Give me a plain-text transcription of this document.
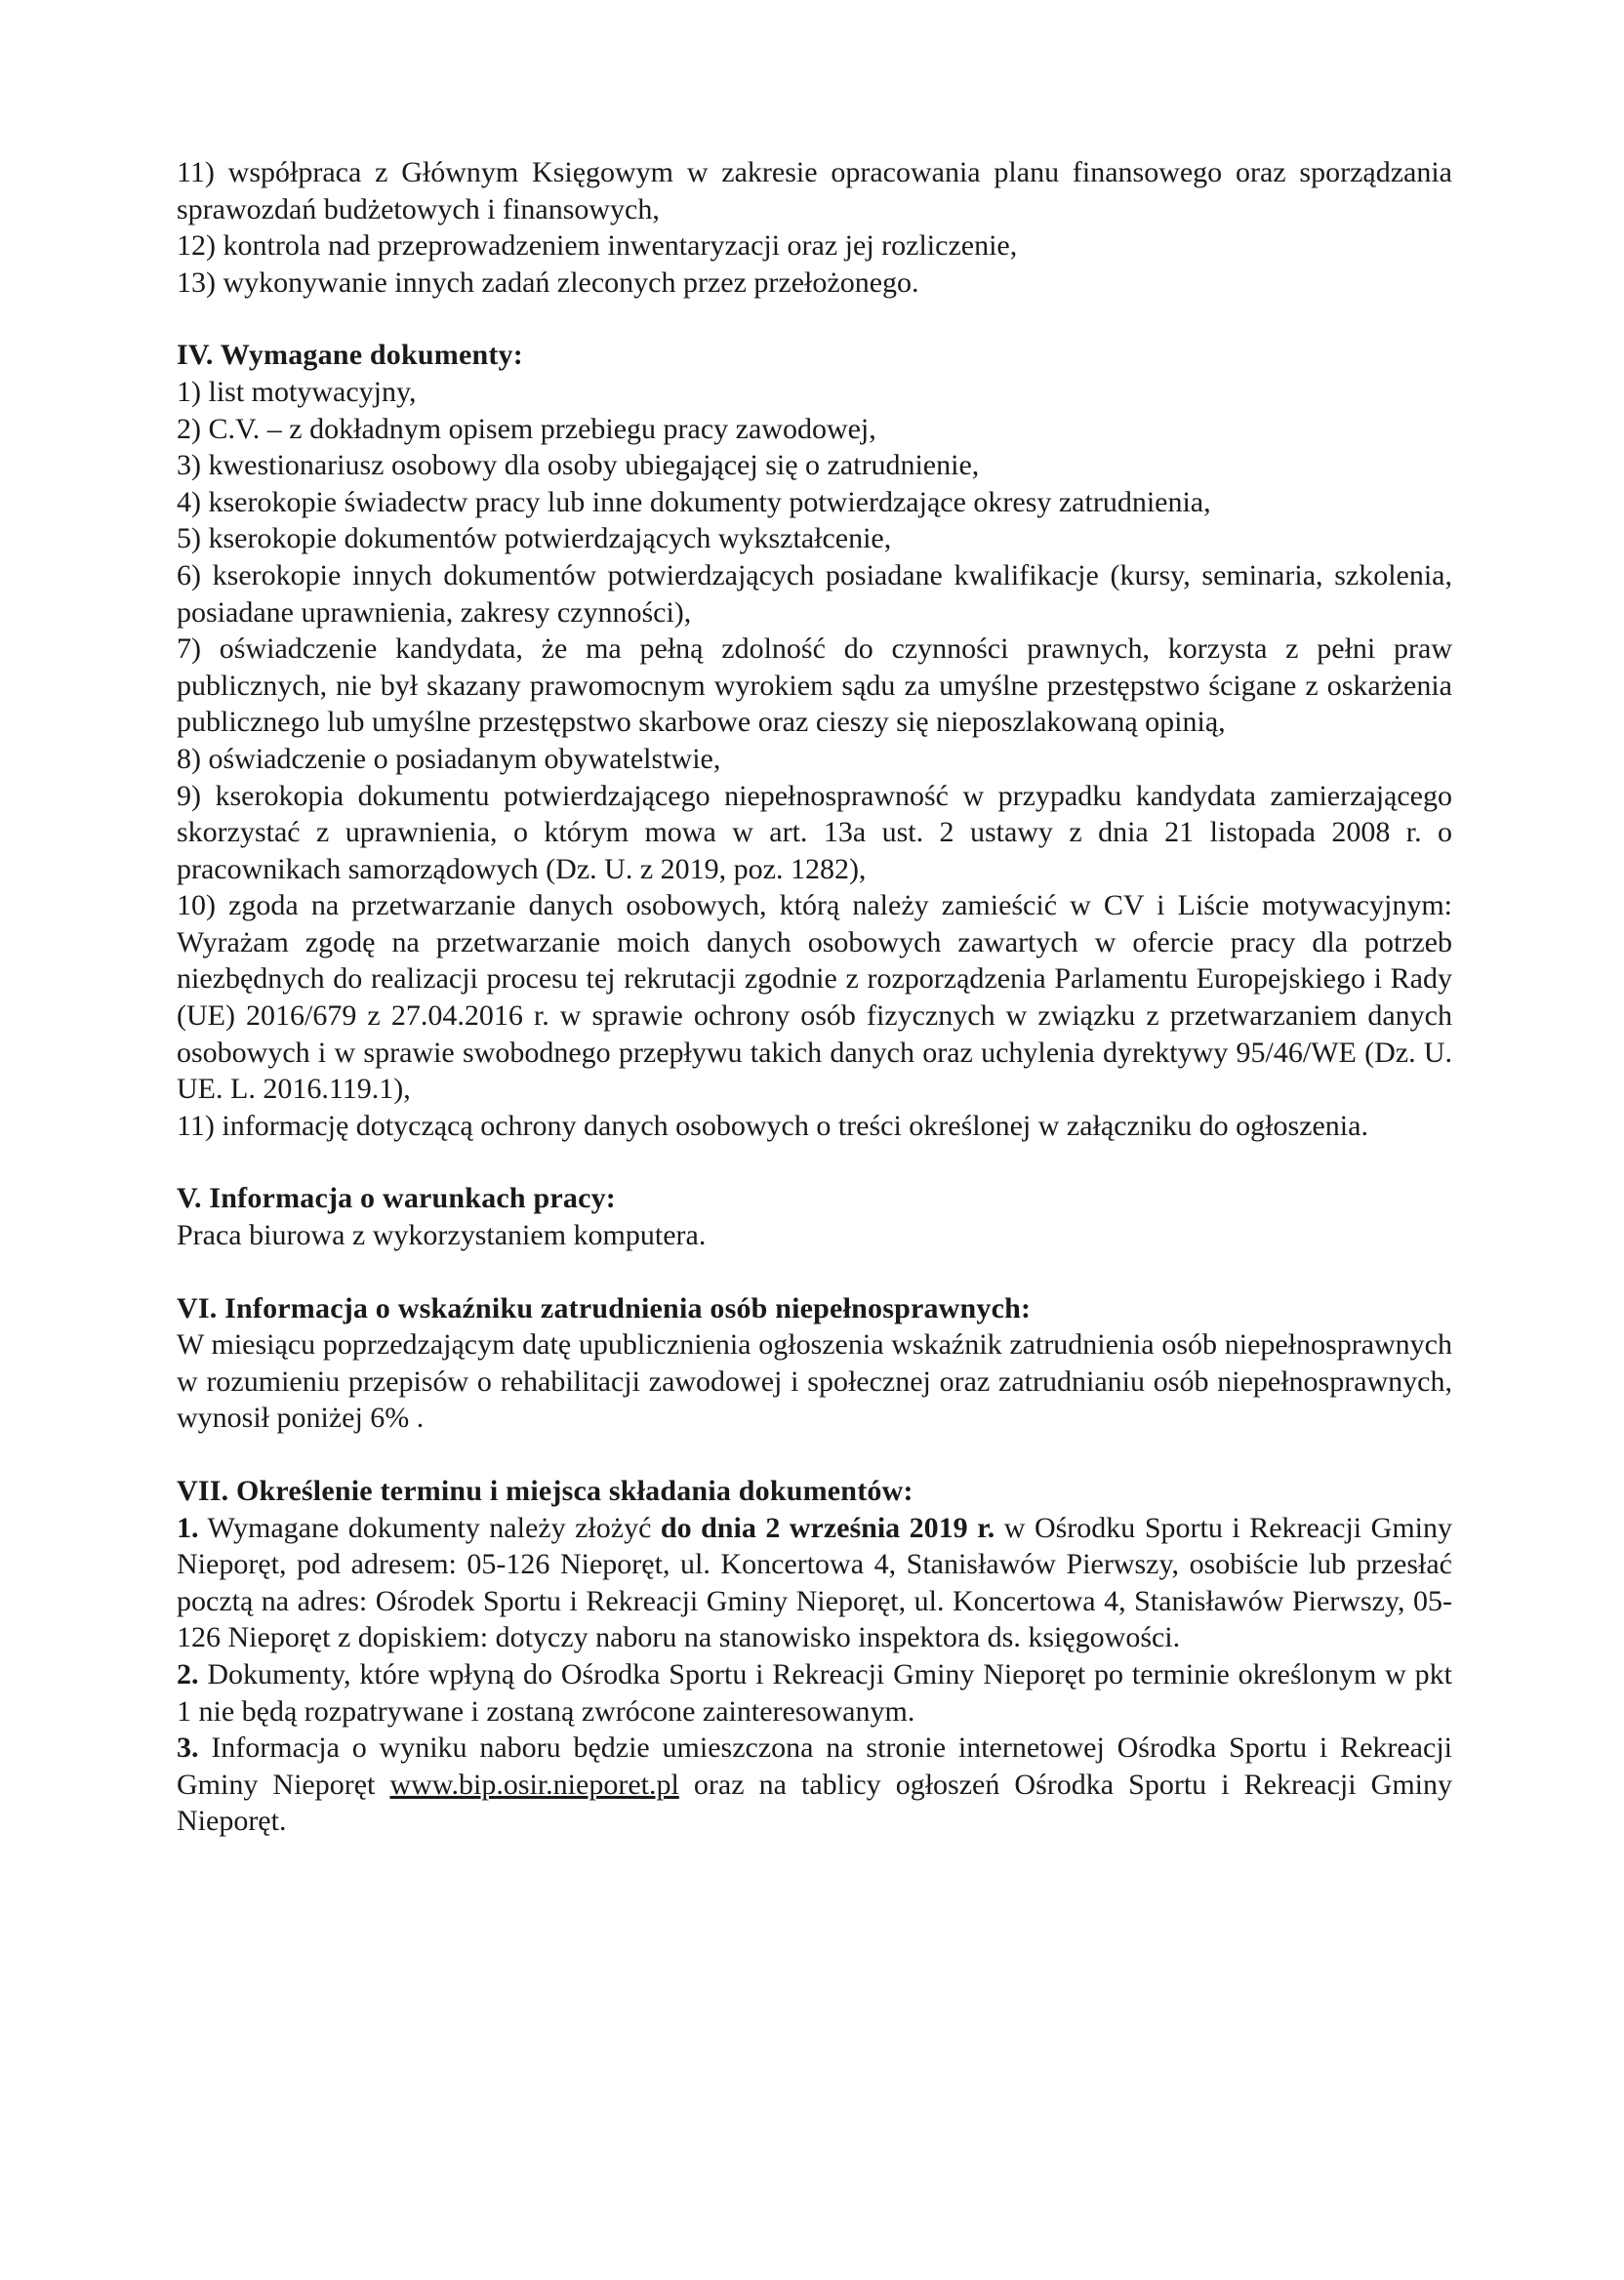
11) współpraca z Głównym Księgowym w zakresie opracowania planu finansowego oraz sporządzania sprawozdań budżetowych i finansowych,

12) kontrola nad przeprowadzeniem inwentaryzacji oraz jej rozliczenie,

13) wykonywanie innych zadań zleconych przez przełożonego.

IV. Wymagane dokumenty:

1) list motywacyjny,

2) C.V. – z dokładnym opisem przebiegu pracy zawodowej,

3) kwestionariusz osobowy dla osoby ubiegającej się o zatrudnienie,

4) kserokopie świadectw pracy lub inne dokumenty potwierdzające okresy zatrudnienia,

5) kserokopie dokumentów potwierdzających wykształcenie,

6) kserokopie innych dokumentów potwierdzających posiadane kwalifikacje (kursy, seminaria, szkolenia, posiadane uprawnienia, zakresy czynności),

7) oświadczenie kandydata, że ma pełną zdolność do czynności prawnych, korzysta z pełni praw publicznych, nie był skazany prawomocnym wyrokiem sądu za umyślne przestępstwo ścigane z oskarżenia publicznego lub umyślne przestępstwo skarbowe oraz cieszy się nieposzlakowaną opinią,

8) oświadczenie o posiadanym obywatelstwie,

9) kserokopia dokumentu potwierdzającego niepełnosprawność w przypadku kandydata zamierzającego skorzystać z uprawnienia, o którym mowa w art. 13a ust. 2 ustawy z dnia 21 listopada 2008 r. o pracownikach samorządowych (Dz. U. z 2019, poz. 1282),

10) zgoda na przetwarzanie danych osobowych, którą należy zamieścić w CV i Liście motywacyjnym: Wyrażam zgodę na przetwarzanie moich danych osobowych zawartych w ofercie pracy dla potrzeb niezbędnych do realizacji procesu tej rekrutacji zgodnie z rozporządzenia Parlamentu Europejskiego i Rady (UE) 2016/679 z 27.04.2016 r. w sprawie ochrony osób fizycznych w związku z przetwarzaniem danych osobowych i w sprawie swobodnego przepływu takich danych oraz uchylenia dyrektywy 95/46/WE (Dz. U. UE. L. 2016.119.1),

11) informację dotyczącą ochrony danych osobowych o treści określonej w załączniku do ogłoszenia.

V. Informacja o warunkach pracy:

Praca biurowa z wykorzystaniem komputera.

VI. Informacja o wskaźniku zatrudnienia osób niepełnosprawnych:

W miesiącu poprzedzającym datę upublicznienia ogłoszenia wskaźnik zatrudnienia osób niepełnosprawnych w rozumieniu przepisów o rehabilitacji zawodowej i społecznej oraz zatrudnianiu osób niepełnosprawnych, wynosił poniżej 6% .

VII. Określenie terminu i miejsca składania dokumentów:

1. Wymagane dokumenty należy złożyć do dnia 2 września 2019 r. w Ośrodku Sportu i Rekreacji Gminy Nieporęt, pod adresem: 05-126 Nieporęt, ul. Koncertowa 4, Stanisławów Pierwszy, osobiście lub przesłać pocztą na adres: Ośrodek Sportu i Rekreacji Gminy Nieporęt, ul. Koncertowa 4, Stanisławów Pierwszy, 05-126 Nieporęt z dopiskiem: dotyczy naboru na stanowisko inspektora ds. księgowości.

2. Dokumenty, które wpłyną do Ośrodka Sportu i Rekreacji Gminy Nieporęt po terminie określonym w pkt 1 nie będą rozpatrywane i zostaną zwrócone zainteresowanym.

3. Informacja o wyniku naboru będzie umieszczona na stronie internetowej Ośrodka Sportu i Rekreacji Gminy Nieporęt www.bip.osir.nieporet.pl oraz na tablicy ogłoszeń Ośrodka Sportu i Rekreacji Gminy Nieporęt.
